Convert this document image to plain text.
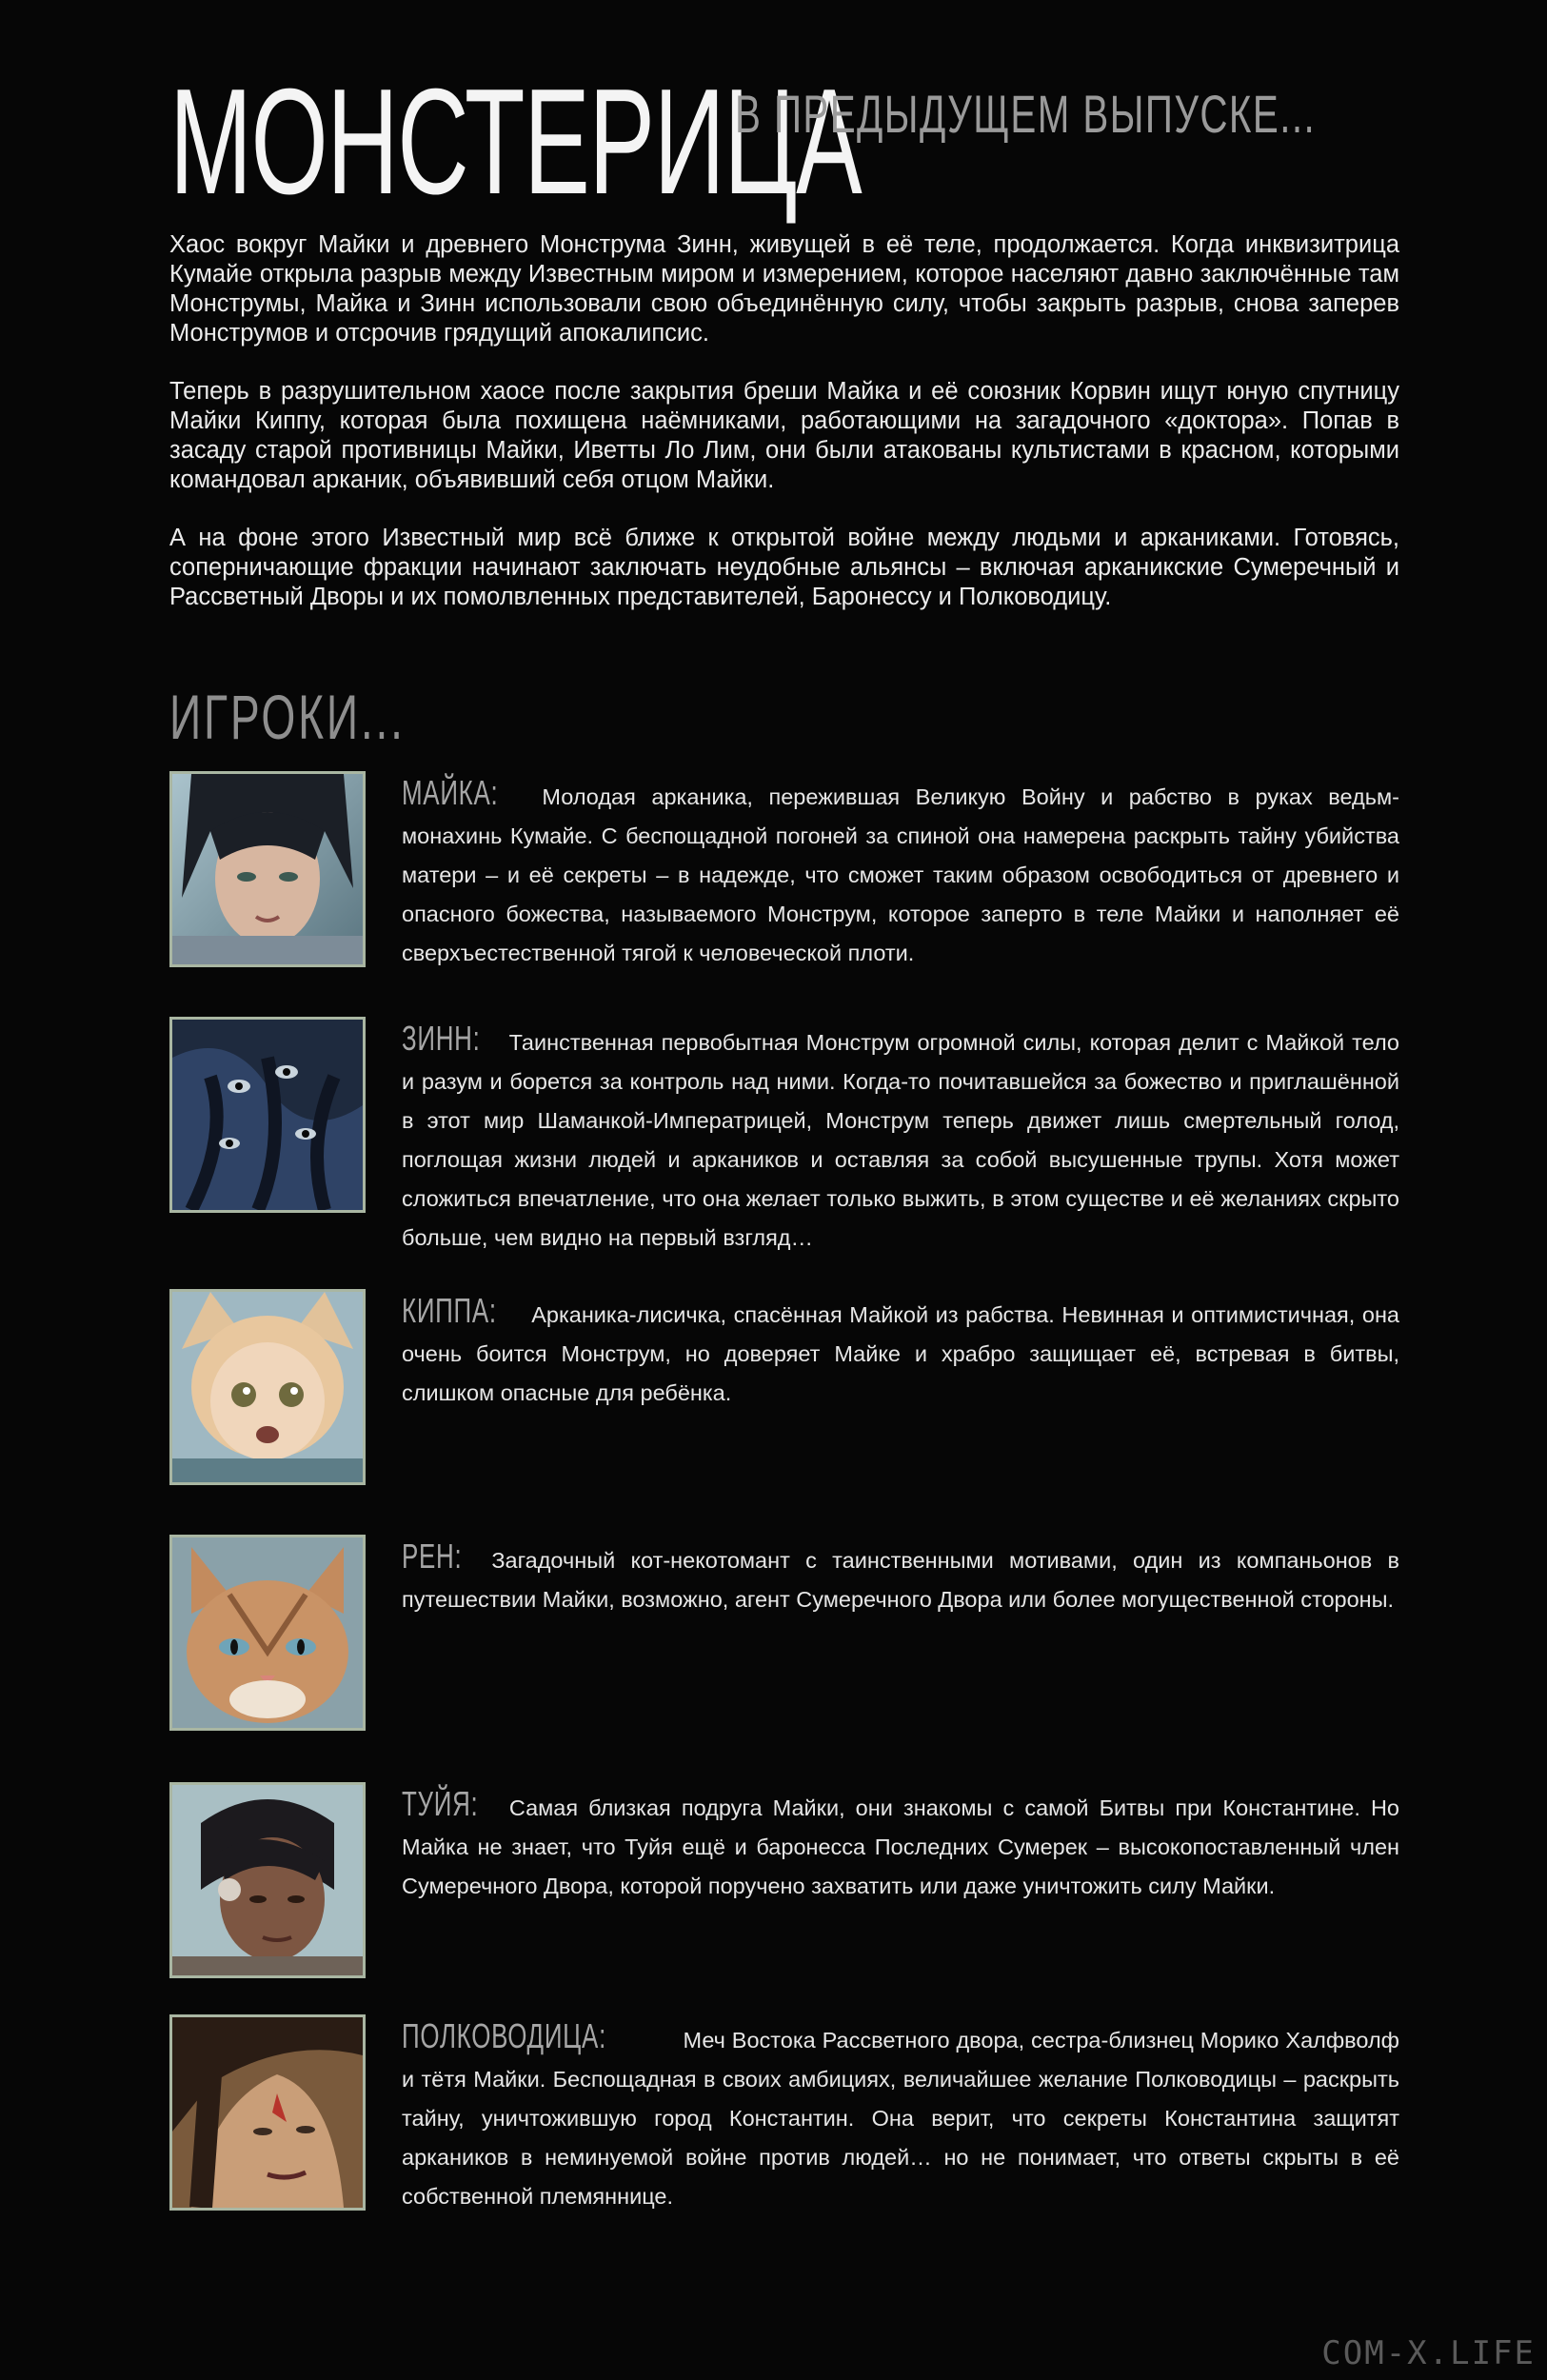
МОНСТЕРИЦА
В ПРЕДЫДУЩЕМ ВЫПУСКЕ...

Хаос вокруг Майки и древнего Монструма Зинн, живущей в её теле, продолжается. Когда инквизитрица Кумайе открыла разрыв между Известным миром и измерением, которое населяют давно заключённые там Монструмы, Майка и Зинн использовали свою объединённую силу, чтобы закрыть разрыв, снова заперев Монструмов и отсрочив грядущий апокалипсис.

Теперь в разрушительном хаосе после закрытия бреши Майка и её союзник Корвин ищут юную спутницу Майки Киппу, которая была похищена наёмниками, работающими на загадочного «доктора». Попав в засаду старой противницы Майки, Иветты Ло Лим, они были атакованы культистами в красном, которыми командовал арканик, объявивший себя отцом Майки.

А на фоне этого Известный мир всё ближе к открытой войне между людьми и арканиками. Готовясь, соперничающие фракции начинают заключать неудобные альянсы – включая арканикские Сумеречный и Рассветный Дворы и их помолвленных представителей, Баронессу и Полководицу.

ИГРОКИ...
МАЙКА: Молодая арканика, пережившая Великую Войну и рабство в руках ведьм-монахинь Кумайе. С беспощадной погоней за спиной она намерена раскрыть тайну убийства матери – и её секреты – в надежде, что сможет таким образом освободиться от древнего и опасного божества, называемого Монструм, которое заперто в теле Майки и наполняет её сверхъестественной тягой к человеческой плоти.
ЗИНН: Таинственная первобытная Монструм огромной силы, которая делит с Майкой тело и разум и борется за контроль над ними. Когда-то почитавшейся за божество и приглашённой в этот мир Шаманкой-Императрицей, Монструм теперь движет лишь смертельный голод, поглощая жизни людей и аркаников и оставляя за собой высушенные трупы. Хотя может сложиться впечатление, что она желает только выжить, в этом существе и её желаниях скрыто больше, чем видно на первый взгляд…
КИППА: Арканика-лисичка, спасённая Майкой из рабства. Невинная и оптимистичная, она очень боится Монструм, но доверяет Майке и храбро защищает её, встревая в битвы, слишком опасные для ребёнка.
РЕН: Загадочный кот-некотомант с таинственными мотивами, один из компаньонов в путешествии Майки, возможно, агент Сумеречного Двора или более могущественной стороны.
ТУЙЯ: Самая близкая подруга Майки, они знакомы с самой Битвы при Константине. Но Майка не знает, что Туйя ещё и баронесса Последних Сумерек – высокопоставленный член Сумеречного Двора, которой поручено захватить или даже уничтожить силу Майки.
ПОЛКОВОДИЦА:	Меч Востока Рассветного двора, сестра-близнец Морико Халфволф и тётя Майки. Беспощадная в своих амбициях, величайшее желание Полководицы – раскрыть тайну, уничтожившую город Константин. Она верит, что секреты Константина защитят аркаников в неминуемой войне против людей… но не понимает, что ответы скрыты в её собственной племяннице.
COM-X.LIFE
